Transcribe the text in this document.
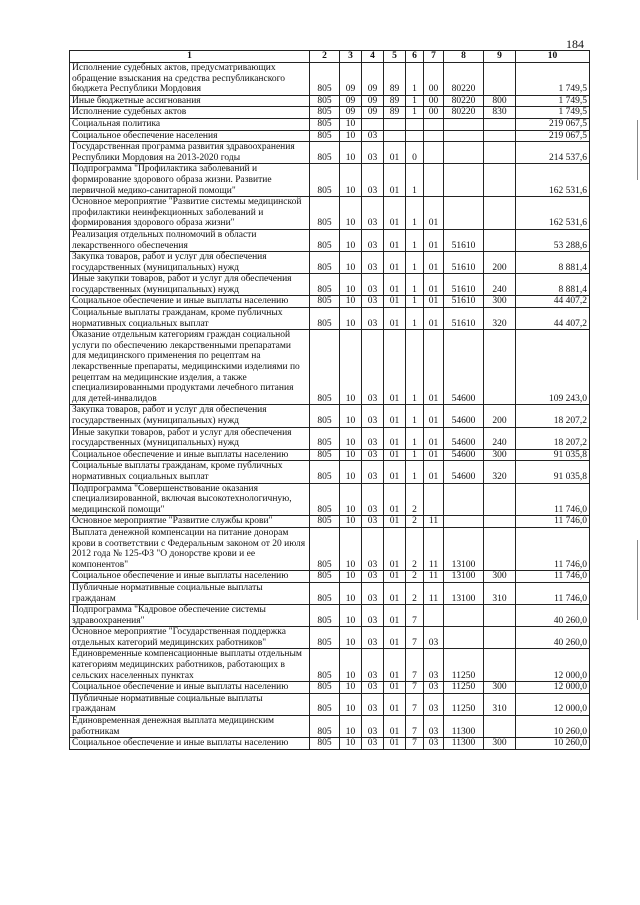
184
1	2	3	4	5	6	7	8	9	10
Исполнение судебных актов, предусматривающих обращение взыскания на средства республиканского бюджета Республики Мордовия	805	09	09	89	1	00	80220		1 749,5
Иные бюджетные ассигнования	805	09	09	89	1	00	80220	800	1 749,5
Исполнение судебных актов	805	09	09	89	1	00	80220	830	1 749,5
Социальная политика	805	10							219 067,5
Социальное обеспечение населения	805	10	03						219 067,5
Государственная программа развития здравоохранения Республики Мордовия на 2013-2020 годы	805	10	03	01	0				214 537,6
Подпрограмма "Профилактика заболеваний и формирование здорового образа жизни. Развитие первичной медико-санитарной помощи"	805	10	03	01	1				162 531,6
Основное мероприятие "Развитие системы медицинской профилактики неинфекционных заболеваний и формирования здорового образа жизни"	805	10	03	01	1	01			162 531,6
Реализация отдельных полномочий в области лекарственного обеспечения	805	10	03	01	1	01	51610		53 288,6
Закупка товаров, работ и услуг для обеспечения государственных (муниципальных) нужд	805	10	03	01	1	01	51610	200	8 881,4
Иные закупки товаров, работ и услуг для обеспечения государственных (муниципальных) нужд	805	10	03	01	1	01	51610	240	8 881,4
Социальное обеспечение и иные выплаты населению	805	10	03	01	1	01	51610	300	44 407,2
Социальные выплаты гражданам, кроме публичных нормативных социальных выплат	805	10	03	01	1	01	51610	320	44 407,2
Оказание отдельным категориям граждан социальной услуги по обеспечению лекарственными препаратами для медицинского применения по рецептам на лекарственные препараты, медицинскими изделиями по рецептам на медицинские изделия, а также специализированными продуктами лечебного питания для детей-инвалидов	805	10	03	01	1	01	54600		109 243,0
Закупка товаров, работ и услуг для обеспечения государственных (муниципальных) нужд	805	10	03	01	1	01	54600	200	18 207,2
Иные закупки товаров, работ и услуг для обеспечения государственных (муниципальных) нужд	805	10	03	01	1	01	54600	240	18 207,2
Социальное обеспечение и иные выплаты населению	805	10	03	01	1	01	54600	300	91 035,8
Социальные выплаты гражданам, кроме публичных нормативных социальных выплат	805	10	03	01	1	01	54600	320	91 035,8
Подпрограмма "Совершенствование оказания специализированной, включая высокотехнологичную, медицинской помощи"	805	10	03	01	2				11 746,0
Основное мероприятие "Развитие службы крови"	805	10	03	01	2	11			11 746,0
Выплата денежной компенсации на питание донорам крови в соответствии с Федеральным законом от 20 июля 2012 года № 125-ФЗ "О донорстве крови и ее компонентов"	805	10	03	01	2	11	13100		11 746,0
Социальное обеспечение и иные выплаты населению	805	10	03	01	2	11	13100	300	11 746,0
Публичные нормативные социальные выплаты гражданам	805	10	03	01	2	11	13100	310	11 746,0
Подпрограмма "Кадровое обеспечение системы здравоохранения"	805	10	03	01	7				40 260,0
Основное мероприятие "Государственная поддержка отдельных категорий медицинских работников"	805	10	03	01	7	03			40 260,0
Единовременные компенсационные выплаты отдельным категориям медицинских работников, работающих в сельских населенных пунктах	805	10	03	01	7	03	11250		12 000,0
Социальное обеспечение и иные выплаты населению	805	10	03	01	7	03	11250	300	12 000,0
Публичные нормативные социальные выплаты гражданам	805	10	03	01	7	03	11250	310	12 000,0
Единовременная денежная выплата медицинским работникам	805	10	03	01	7	03	11300		10 260,0
Социальное обеспечение и иные выплаты населению	805	10	03	01	7	03	11300	300	10 260,0
